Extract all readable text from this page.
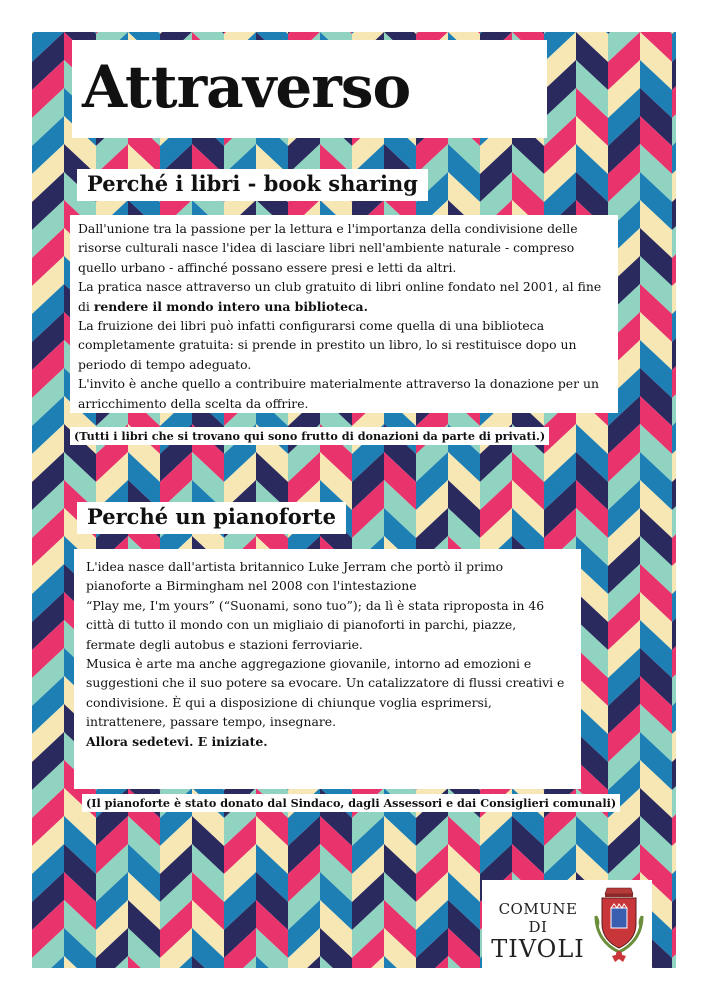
Attraverso
Perché i libri - book sharing
Dall'unione tra la passione per la lettura e l'importanza della condivisione delle risorse culturali nasce l'idea di lasciare libri nell'ambiente naturale - compreso quello urbano - affinché possano essere presi e letti da altri.
La pratica nasce attraverso un club gratuito di libri online fondato nel 2001, al fine di rendere il mondo intero una biblioteca.
La fruizione dei libri può infatti configurarsi come quella di una biblioteca completamente gratuita: si prende in prestito un libro, lo si restituisce dopo un periodo di tempo adeguato.
L'invito è anche quello a contribuire materialmente attraverso la donazione per un arricchimento della scelta da offrire.
(Tutti i libri che si trovano qui sono frutto di donazioni da parte di privati.)
Perché un pianoforte
L'idea nasce dall'artista britannico Luke Jerram che portò il primo pianoforte a Birmingham nel 2008 con l'intestazione
“Play me, I'm yours” (“Suonami, sono tuo”); da lì è stata riproposta in 46 città di tutto il mondo con un migliaio di pianoforti in parchi, piazze, fermate degli autobus e stazioni ferroviarie.
Musica è arte ma anche aggregazione giovanile, intorno ad emozioni e suggestioni che il suo potere sa evocare. Un catalizzatore di flussi creativi e condivisione. È qui a disposizione di chiunque voglia esprimersi, intrattenere, passare tempo, insegnare.
Allora sedetevi. E iniziate.
(Il pianoforte è stato donato dal Sindaco, dagli Assessori e dai Consiglieri comunali)
COMUNE DI
TIVOLI
